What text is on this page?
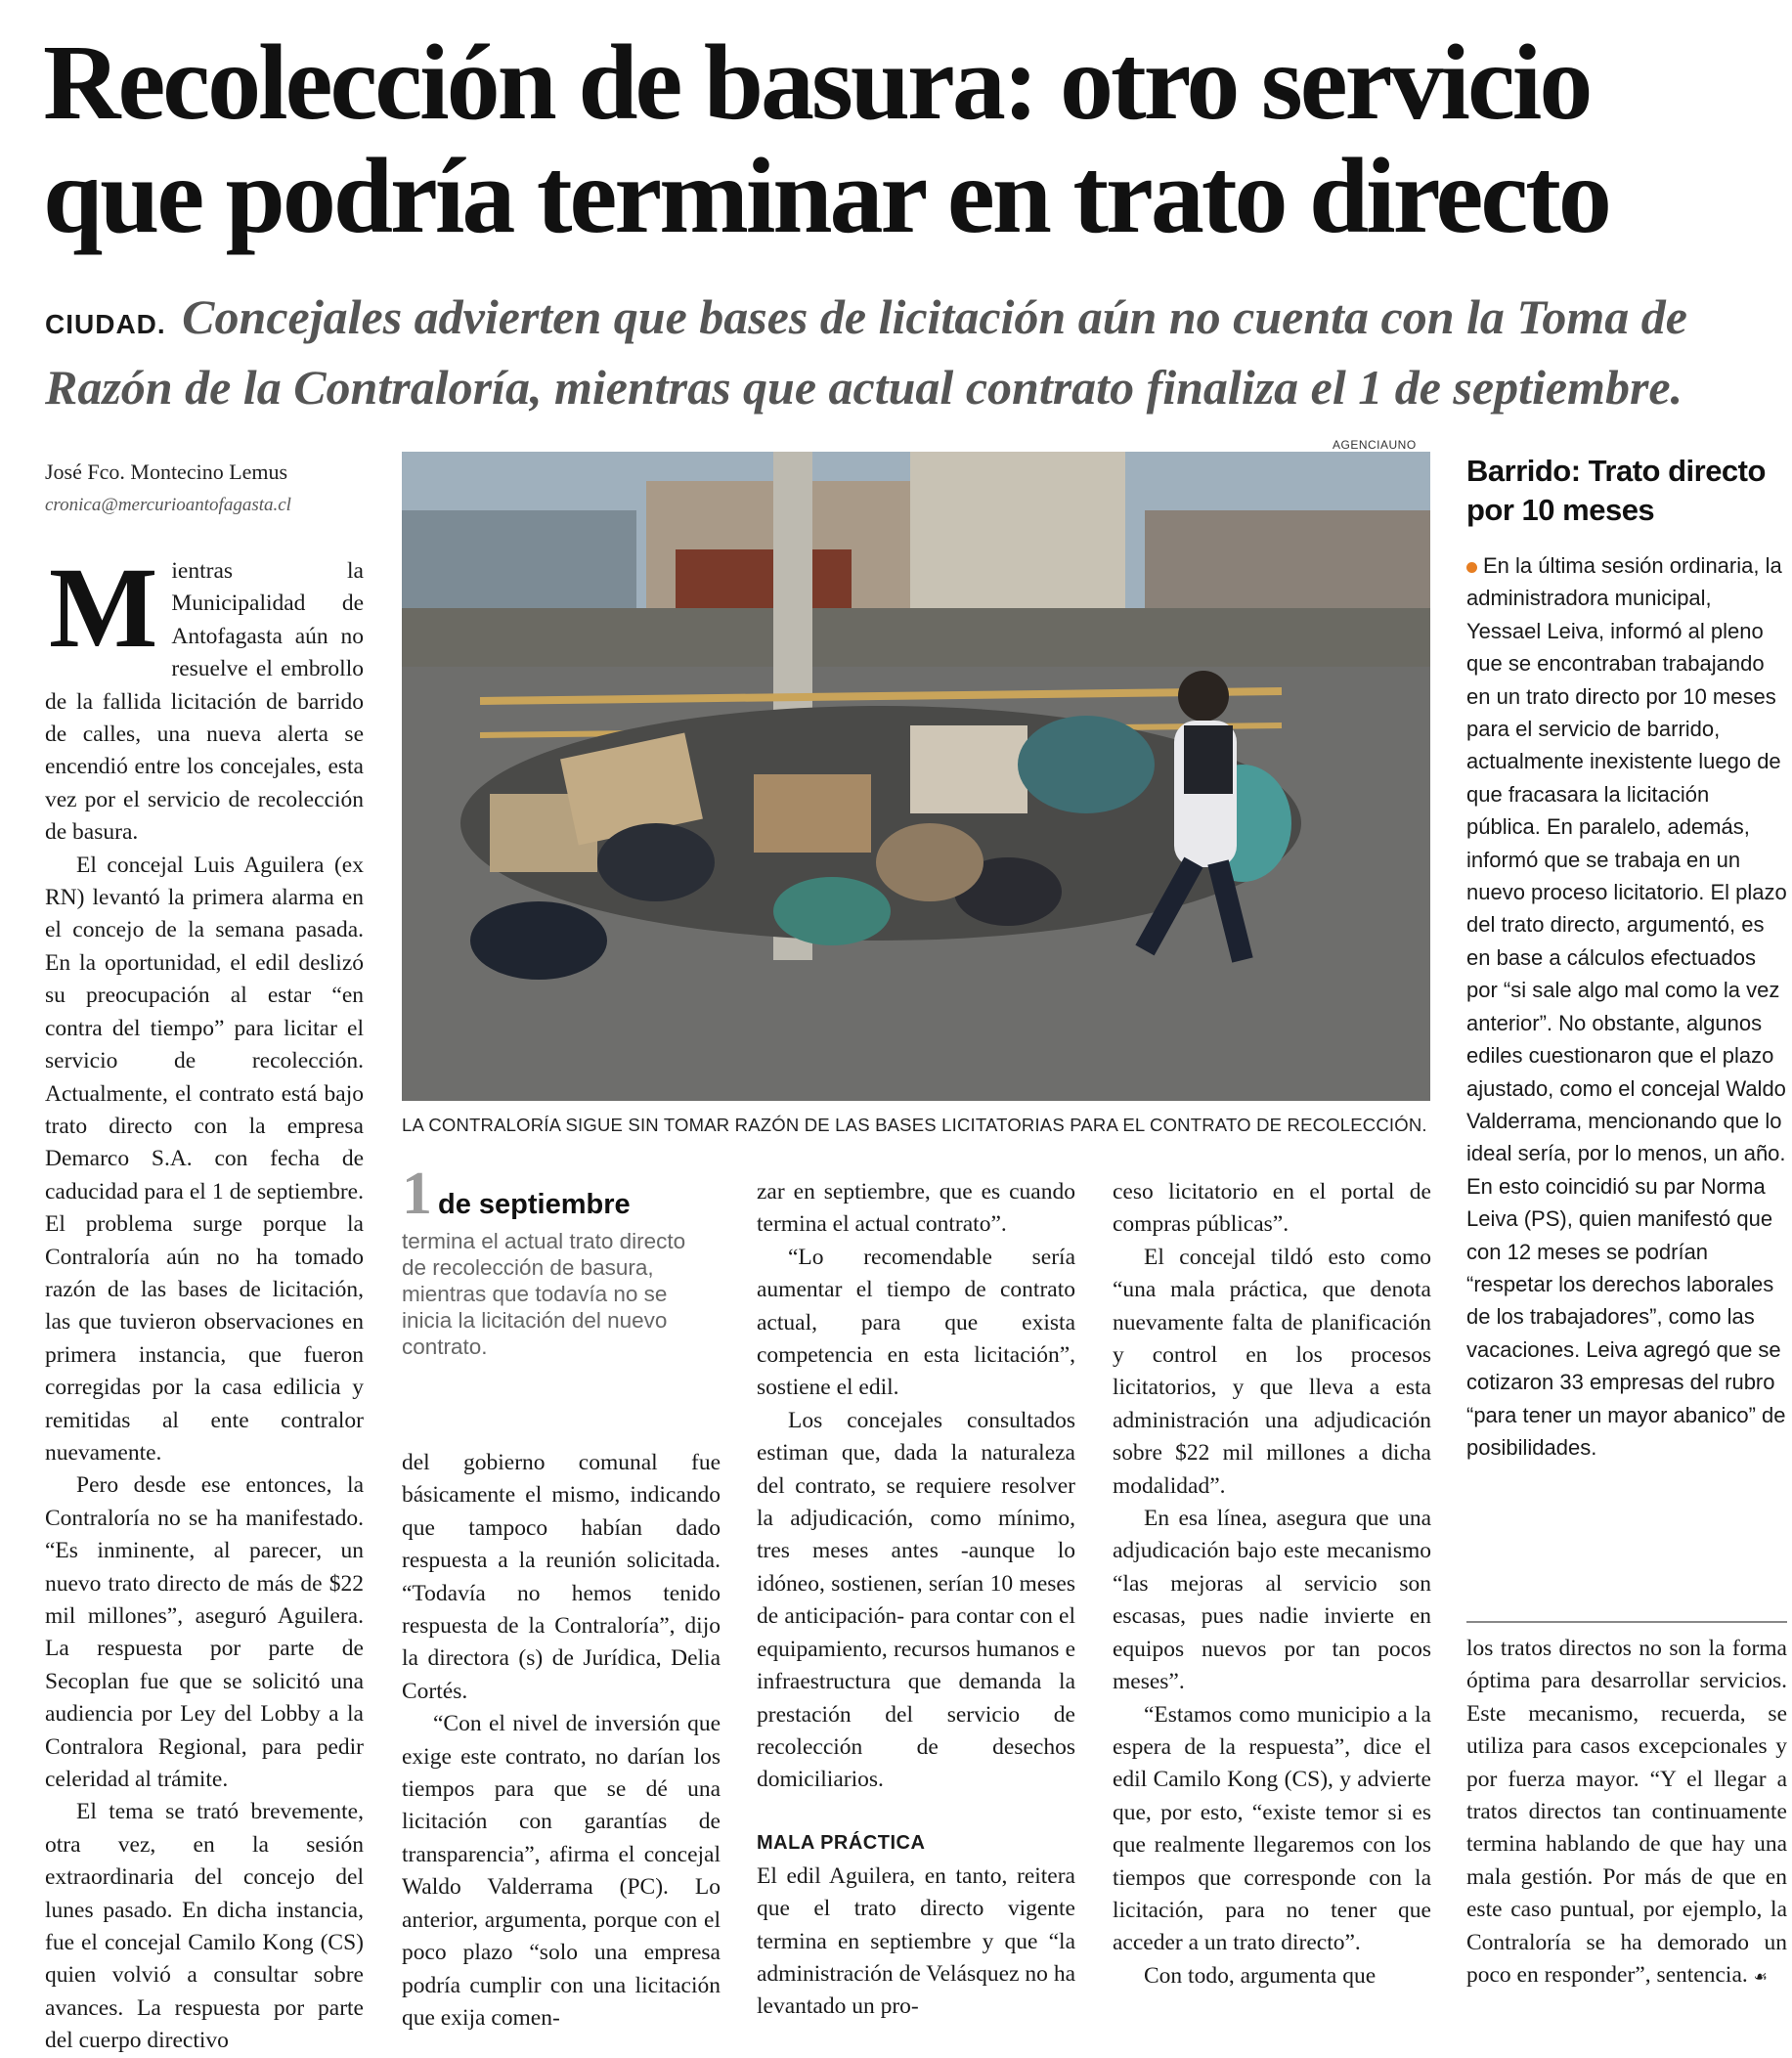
Recolección de basura: otro servicio que podría terminar en trato directo
CIUDAD. Concejales advierten que bases de licitación aún no cuenta con la Toma de Razón de la Contraloría, mientras que actual contrato finaliza el 1 de septiembre.
José Fco. Montecino Lemus
cronica@mercurioantofagasta.cl

Mientras la Municipalidad de Antofagasta aún no resuelve el embrollo de la fallida licitación de barrido de calles, una nueva alerta se encendió entre los concejales, esta vez por el servicio de recolección de basura.

El concejal Luis Aguilera (ex RN) levantó la primera alarma en el concejo de la semana pasada. En la oportunidad, el edil deslizó su preocupación al estar “en contra del tiempo” para licitar el servicio de recolección. Actualmente, el contrato está bajo trato directo con la empresa Demarco S.A. con fecha de caducidad para el 1 de septiembre. El problema surge porque la Contraloría aún no ha tomado razón de las bases de licitación, las que tuvieron observaciones en primera instancia, que fueron corregidas por la casa edilicia y remitidas al ente contralor nuevamente.

Pero desde ese entonces, la Contraloría no se ha manifestado. “Es inminente, al parecer, un nuevo trato directo de más de $22 mil millones”, aseguró Aguilera. La respuesta por parte de Secoplan fue que se solicitó una audiencia por Ley del Lobby a la Contralora Regional, para pedir celeridad al trámite.

El tema se trató brevemente, otra vez, en la sesión extraordinaria del concejo del lunes pasado. En dicha instancia, fue el concejal Camilo Kong (CS) quien volvió a consultar sobre avances. La respuesta por parte del cuerpo directivo

AGENCIAUNO
LA CONTRALORÍA SIGUE SIN TOMAR RAZÓN DE LAS BASES LICITATORIAS PARA EL CONTRATO DE RECOLECCIÓN.
1 de septiembre
termina el actual trato directo de recolección de basura, mientras que todavía no se inicia la licitación del nuevo contrato.

del gobierno comunal fue básicamente el mismo, indicando que tampoco habían dado respuesta a la reunión solicitada. “Todavía no hemos tenido respuesta de la Contraloría”, dijo la directora (s) de Jurídica, Delia Cortés.

“Con el nivel de inversión que exige este contrato, no darían los tiempos para que se dé una licitación con garantías de transparencia”, afirma el concejal Waldo Valderrama (PC). Lo anterior, argumenta, porque con el poco plazo “solo una empresa podría cumplir con una licitación que exija comen-

zar en septiembre, que es cuando termina el actual contrato”.

“Lo recomendable sería aumentar el tiempo de contrato actual, para que exista competencia en esta licitación”, sostiene el edil.

Los concejales consultados estiman que, dada la naturaleza del contrato, se requiere resolver la adjudicación, como mínimo, tres meses antes -aunque lo idóneo, sostienen, serían 10 meses de anticipación- para contar con el equipamiento, recursos humanos e infraestructura que demanda la prestación del servicio de recolección de desechos domiciliarios.

MALA PRÁCTICA

El edil Aguilera, en tanto, reitera que el trato directo vigente termina en septiembre y que “la administración de Velásquez no ha levantado un pro-

ceso licitatorio en el portal de compras públicas”.

El concejal tildó esto como “una mala práctica, que denota nuevamente falta de planificación y control en los procesos licitatorios, y que lleva a esta administración una adjudicación sobre $22 mil millones a dicha modalidad”.

En esa línea, asegura que una adjudicación bajo este mecanismo “las mejoras al servicio son escasas, pues nadie invierte en equipos nuevos por tan pocos meses”.

“Estamos como municipio a la espera de la respuesta”, dice el edil Camilo Kong (CS), y advierte que, por esto, “existe temor si es que realmente llegaremos con los tiempos que corresponde con la licitación, para no tener que acceder a un trato directo”.

Con todo, argumenta que

Barrido: Trato directo por 10 meses

En la última sesión ordinaria, la administradora municipal, Yessael Leiva, informó al pleno que se encontraban trabajando en un trato directo por 10 meses para el servicio de barrido, actualmente inexistente luego de que fracasara la licitación pública. En paralelo, además, informó que se trabaja en un nuevo proceso licitatorio. El plazo del trato directo, argumentó, es en base a cálculos efectuados por “si sale algo mal como la vez anterior”. No obstante, algunos ediles cuestionaron que el plazo ajustado, como el concejal Waldo Valderrama, mencionando que lo ideal sería, por lo menos, un año. En esto coincidió su par Norma Leiva (PS), quien manifestó que con 12 meses se podrían “respetar los derechos laborales de los trabajadores”, como las vacaciones. Leiva agregó que se cotizaron 33 empresas del rubro “para tener un mayor abanico” de posibilidades.

los tratos directos no son la forma óptima para desarrollar servicios. Este mecanismo, recuerda, se utiliza para casos excepcionales y por fuerza mayor. “Y el llegar a tratos directos tan continuamente termina hablando de que hay una mala gestión. Por más de que en este caso puntual, por ejemplo, la Contraloría se ha demorado un poco en responder”, sentencia. ☙
